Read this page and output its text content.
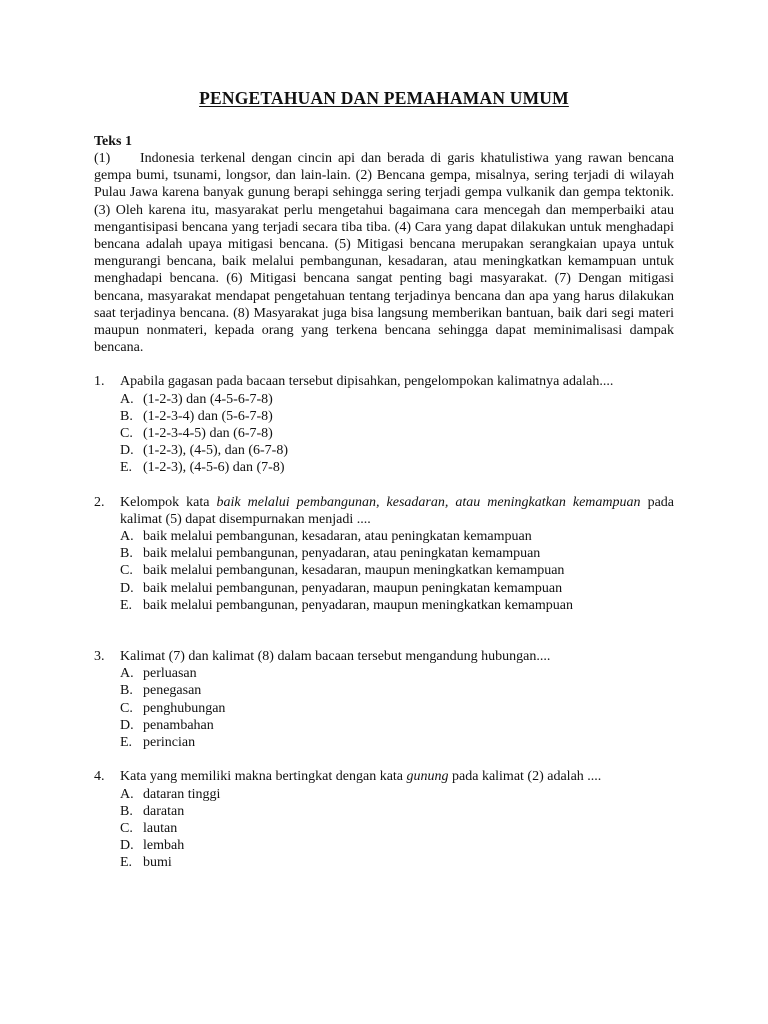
PENGETAHUAN DAN PEMAHAMAN UMUM

Teks 1

(1) Indonesia terkenal dengan cincin api dan berada di garis khatulistiwa yang rawan bencana gempa bumi, tsunami, longsor, dan lain-lain. (2) Bencana gempa, misalnya, sering terjadi di wilayah Pulau Jawa karena banyak gunung berapi sehingga sering terjadi gempa vulkanik dan gempa tektonik. (3) Oleh karena itu, masyarakat perlu mengetahui bagaimana cara mencegah dan memperbaiki atau mengantisipasi bencana yang terjadi secara tiba tiba. (4) Cara yang dapat dilakukan untuk menghadapi bencana adalah upaya mitigasi bencana. (5) Mitigasi bencana merupakan serangkaian upaya untuk mengurangi bencana, baik melalui pembangunan, kesadaran, atau meningkatkan kemampuan untuk menghadapi bencana. (6) Mitigasi bencana sangat penting bagi masyarakat. (7) Dengan mitigasi bencana, masyarakat mendapat pengetahuan tentang terjadinya bencana dan apa yang harus dilakukan saat terjadinya bencana. (8) Masyarakat juga bisa langsung memberikan bantuan, baik dari segi materi maupun nonmateri, kepada orang yang terkena bencana sehingga dapat meminimalisasi dampak bencana.

1.	Apabila gagasan pada bacaan tersebut dipisahkan, pengelompokan kalimatnya adalah....
A. (1-2-3) dan (4-5-6-7-8)
B. (1-2-3-4) dan (5-6-7-8)
C. (1-2-3-4-5) dan (6-7-8)
D. (1-2-3), (4-5), dan (6-7-8)
E. (1-2-3), (4-5-6) dan (7-8)
2.	Kelompok kata baik melalui pembangunan, kesadaran, atau meningkatkan kemampuan pada kalimat (5) dapat disempurnakan menjadi ....
A. baik melalui pembangunan, kesadaran, atau peningkatan kemampuan
B. baik melalui pembangunan, penyadaran, atau peningkatan kemampuan
C. baik melalui pembangunan, kesadaran, maupun meningkatkan kemampuan
D. baik melalui pembangunan, penyadaran, maupun peningkatan kemampuan
E. baik melalui pembangunan, penyadaran, maupun meningkatkan kemampuan
3.	Kalimat (7) dan kalimat (8) dalam bacaan tersebut mengandung hubungan....
A. perluasan
B. penegasan
C. penghubungan
D. penambahan
E. perincian
4.	Kata yang memiliki makna bertingkat dengan kata gunung pada kalimat (2) adalah ....
A. dataran tinggi
B. daratan
C. lautan
D. lembah
E. bumi
